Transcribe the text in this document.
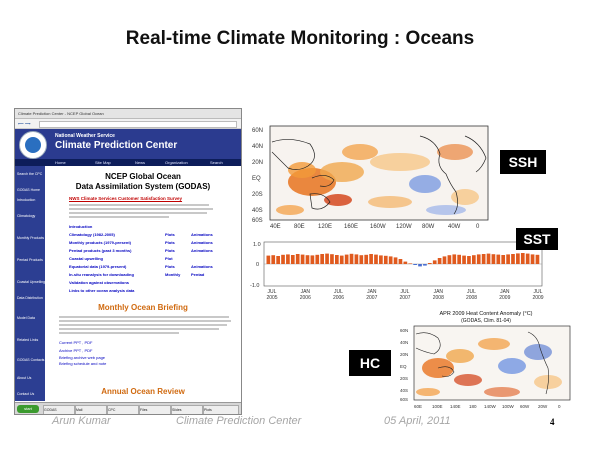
Real-time Climate Monitoring : Oceans
Climate Prediction Center - NCEP Global Ocean
⟵ ⟶
National Weather Service
Climate Prediction Center
Home	Site Map	News	Organization	Search
Search the CPC
GODAS Home
Introduction
Climatology
Monthly Products
Pentad Products
Coastal Upwelling
Data Distribution
Model Data
Related Links
GODAS Contacts
About Us
Contact Us
NCEP Global Ocean
Data Assimilation System (GODAS)
NWS Climate Services Customer Satisfaction Survey
Introduction
Climatology (1982-2005)	Plots	Animations
Monthly products (1979-present)	Plots	Animations
Pentad products (past 3 months)	Plots	Animations
Coastal upwelling	Plot
Equatorial data (1979-present)	Plots	Animations
In-situ reanalysis for downloading	Monthly	Pentad
Validation against observations
Links to other ocean analysis data
Monthly Ocean Briefing
Current PPT , PDF
Archive PPT , PDF
Briefing archive web page
Briefing schedule and note
Annual Ocean Review
start	GODAS	Mail	CPC	Files	Slides	Plots
60N
40N
20N
EQ
20S
40S
60S
40E 80E 120E 160E 160W 120W 80W 40W	0
SSH
1.0
0
-1.0
JUL 2005
JAN 2006
JUL 2006
JAN 2007
JUL 2007
JAN 2008
JUL 2008
JAN 2009
JUL 2009
SST
APR 2009 Heat Content Anomaly (°C)
(GODAS, Clim. 81-04)
60N
40N
20N
EQ
20S
40S
60S
60E 100E 140E 180 140W 100W 60W 20W 0
HC
Arun Kumar	Climate Prediction Center	05 April, 2011	4
